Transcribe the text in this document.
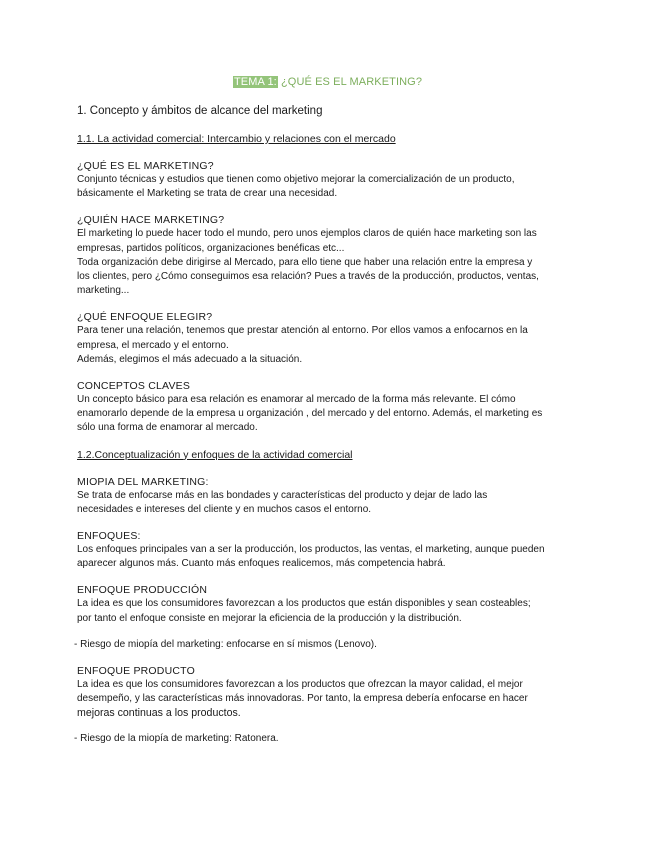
TEMA 1: ¿QUÉ ES EL MARKETING?
1. Concepto y ámbitos de alcance del marketing
1.1. La actividad comercial: Intercambio y relaciones con el mercado
¿QUÉ ES EL MARKETING?
Conjunto técnicas y estudios que tienen como objetivo mejorar la comercialización de un producto,
básicamente el Marketing se trata de crear una necesidad.
¿QUIÉN HACE MARKETING?
El marketing lo puede hacer todo el mundo, pero unos ejemplos claros de quién hace marketing son las
empresas, partidos políticos, organizaciones benéficas etc...
Toda organización debe dirigirse al Mercado, para ello tiene que haber una relación entre la empresa y
los clientes, pero ¿Cómo conseguimos esa relación? Pues a través de la producción, productos, ventas,
marketing...
¿QUÉ ENFOQUE ELEGIR?
Para tener una relación, tenemos que prestar atención al entorno. Por ellos vamos a enfocarnos en la
empresa, el mercado y el entorno.
Además, elegimos el más adecuado a la situación.
CONCEPTOS CLAVES
Un concepto básico para esa relación es enamorar al mercado de la forma más relevante. El cómo
enamorarlo depende de la empresa u organización , del mercado y del entorno. Además, el marketing es
sólo una forma de enamorar al mercado.
1.2.Conceptualización y enfoques de la actividad comercial
MIOPIA DEL MARKETING:
Se trata de enfocarse más en las bondades y características del producto y dejar de lado las
necesidades e intereses del cliente y en muchos casos el entorno.
ENFOQUES:
Los enfoques principales van a ser la producción, los productos, las ventas, el marketing, aunque pueden
aparecer algunos más. Cuanto más enfoques realicemos, más competencia habrá.
ENFOQUE PRODUCCIÓN
La idea es que los consumidores favorezcan a los productos que están disponibles y sean costeables;
por tanto el enfoque consiste en mejorar la eficiencia de la producción y la distribución.
- Riesgo de miopía del marketing: enfocarse en sí mismos (Lenovo).
ENFOQUE PRODUCTO
La idea es que los consumidores favorezcan a los productos que ofrezcan la mayor calidad, el mejor
desempeño, y las características más innovadoras. Por tanto, la empresa debería enfocarse en hacer
mejoras continuas a los productos.
- Riesgo de la miopía de marketing: Ratonera.
